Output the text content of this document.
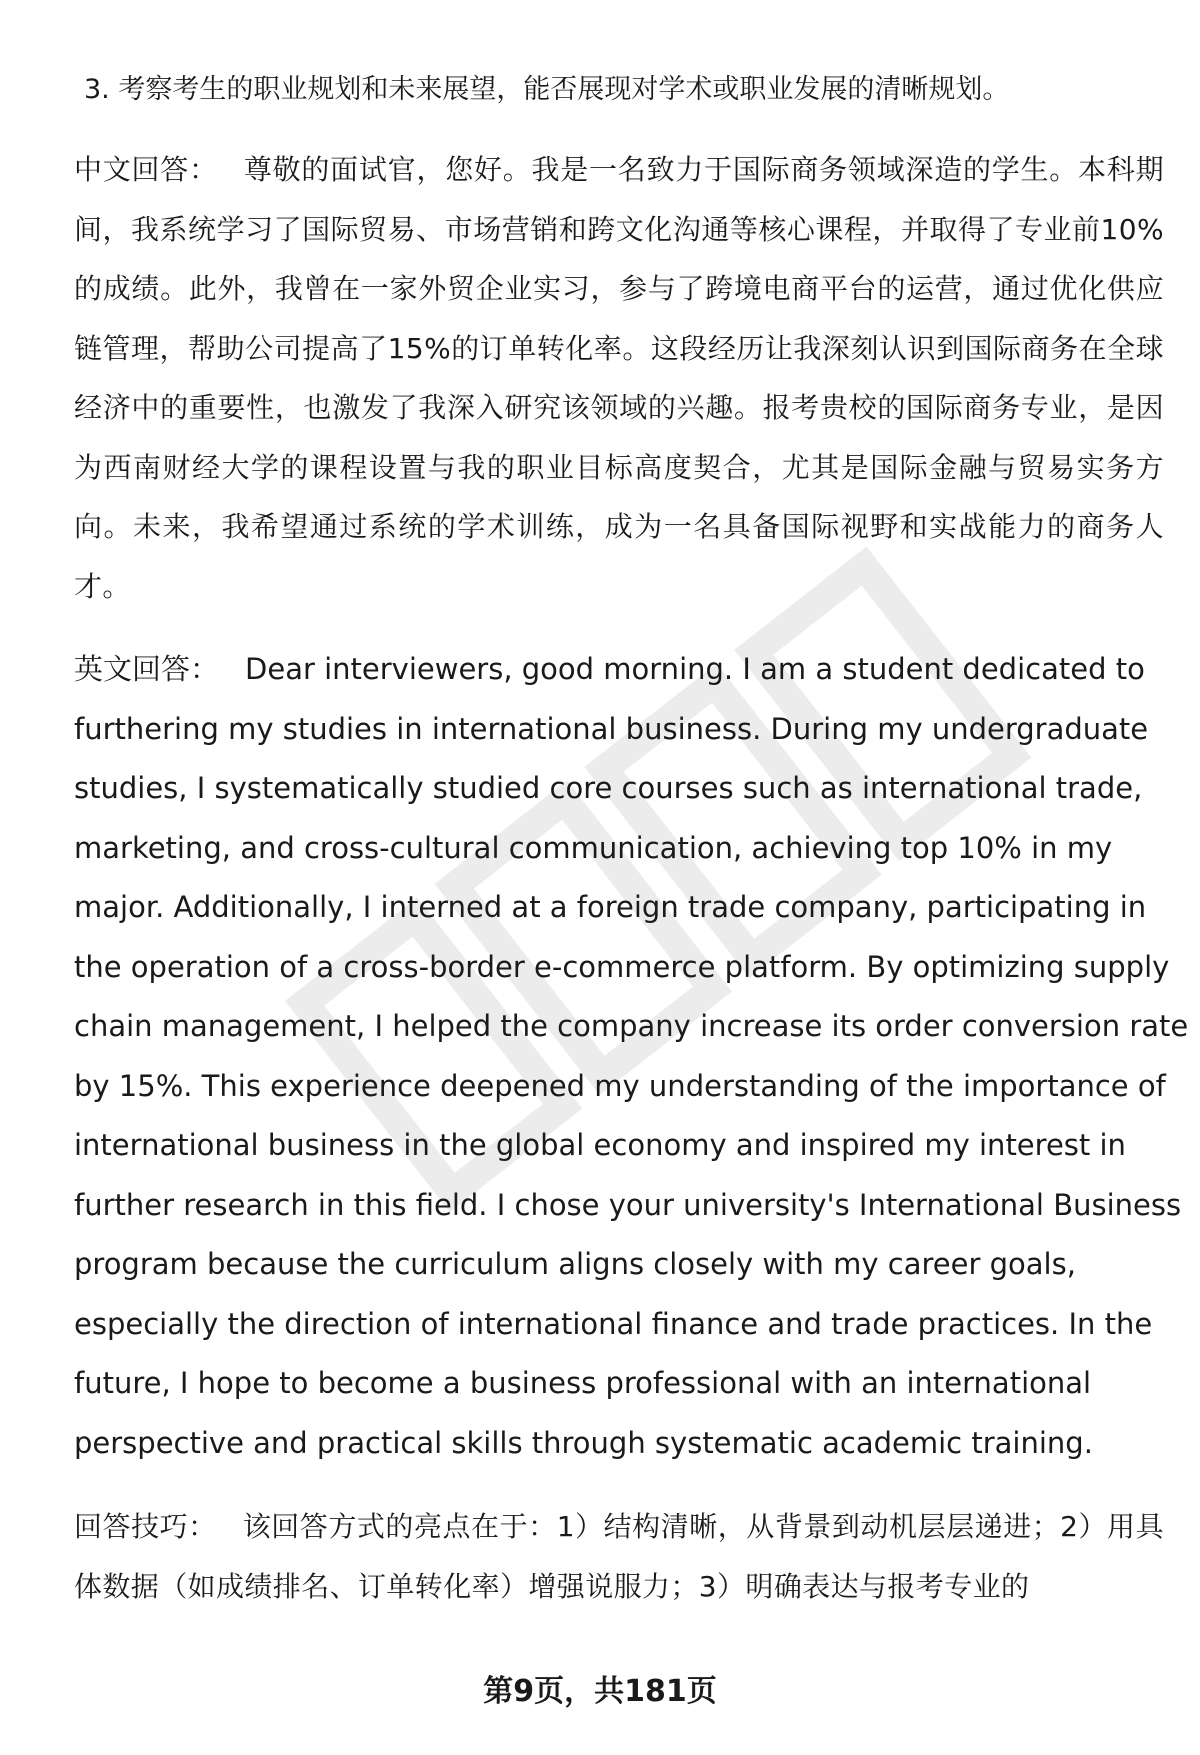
3. 考察考生的职业规划和未来展望，能否展现对学术或职业发展的清晰规划。
中文回答： 尊敬的面试官，您好。我是一名致力于国际商务领域深造的学生。本科期间，我系统学习了国际贸易、市场营销和跨文化沟通等核心课程，并取得了专业前10%的成绩。此外，我曾在一家外贸企业实习，参与了跨境电商平台的运营，通过优化供应链管理，帮助公司提高了15%的订单转化率。这段经历让我深刻认识到国际商务在全球经济中的重要性，也激发了我深入研究该领域的兴趣。报考贵校的国际商务专业，是因为西南财经大学的课程设置与我的职业目标高度契合，尤其是国际金融与贸易实务方向。未来，我希望通过系统的学术训练，成为一名具备国际视野和实战能力的商务人才。
英文回答： Dear interviewers, good morning. I am a student dedicated to
furthering my studies in international business. During my undergraduate
studies, I systematically studied core courses such as international trade,
marketing, and cross-cultural communication, achieving top 10% in my
major. Additionally, I interned at a foreign trade company, participating in
the operation of a cross-border e-commerce platform. By optimizing supply
chain management, I helped the company increase its order conversion rate
by 15%. This experience deepened my understanding of the importance of
international business in the global economy and inspired my interest in
further research in this field. I chose your university's International Business
program because the curriculum aligns closely with my career goals,
especially the direction of international finance and trade practices. In the
future, I hope to become a business professional with an international
perspective and practical skills through systematic academic training.
回答技巧： 该回答方式的亮点在于：1）结构清晰，从背景到动机层层递进；2）用具体数据（如成绩排名、订单转化率）增强说服力；3）明确表达与报考专业的
第9页，共181页
